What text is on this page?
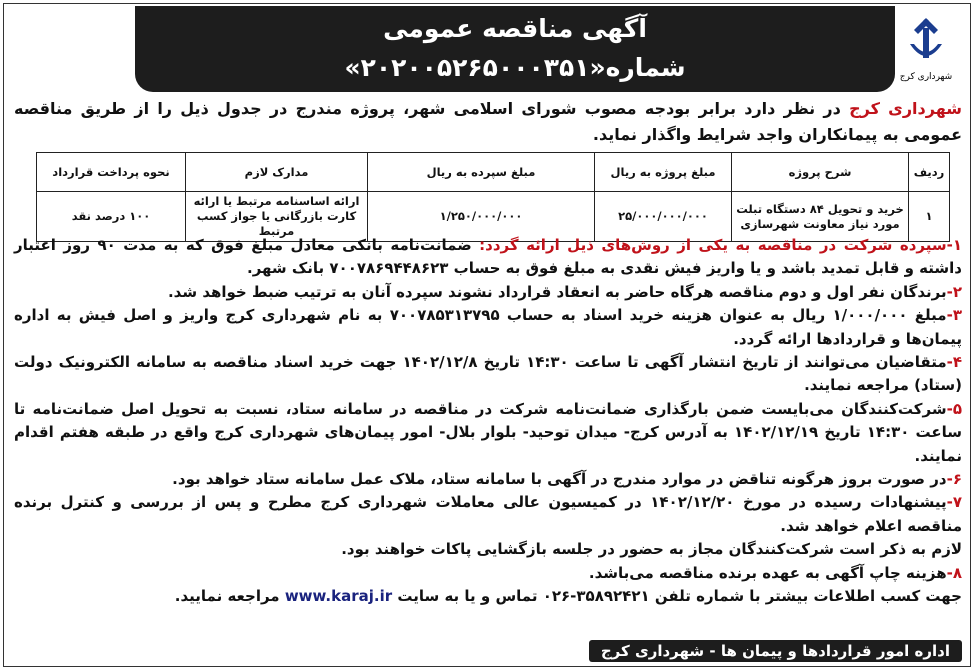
آگهی مناقصه عمومی
شماره«۲۰۲۰۰۵۲۶۵۰۰۰۳۵۱»	شهرداری کرج
شهرداری کرج در نظر دارد برابر بودجه مصوب شورای اسلامی شهر، پروژه مندرج در جدول ذیل را از طریق مناقصه عمومی به پیمانکاران واجد شرایط واگذار نماید.
ردیف	شرح پروژه	مبلغ پروژه به ریال	مبلغ سپرده به ریال	مدارک لازم	نحوه پرداخت قرارداد
۱	خرید و تحویل ۸۴ دستگاه تبلت مورد نیاز معاونت شهرسازی	۲۵/۰۰۰/۰۰۰/۰۰۰	۱/۲۵۰/۰۰۰/۰۰۰	ارائه اساسنامه مرتبط یا ارائه کارت بازرگانی یا جواز کسب مرتبط	۱۰۰ درصد نقد

۱-سپرده شرکت در مناقصه به یکی از روش‌های ذیل ارائه گردد: ضمانت‌نامه بانکی معادل مبلغ فوق که به مدت ۹۰ روز اعتبار داشته و قابل تمدید باشد و یا واریز فیش نقدی به مبلغ فوق به حساب ۷۰۰۷۸۶۹۴۴۸۶۲۳ بانک شهر.

۲-برندگان نفر اول و دوم مناقصه هرگاه حاضر به انعقاد قرارداد نشوند سپرده آنان به ترتیب ضبط خواهد شد.

۳-مبلغ ۱/۰۰۰/۰۰۰ ریال به عنوان هزینه خرید اسناد به حساب ۷۰۰۷۸۵۳۱۳۷۹۵ به نام شهرداری کرج واریز و اصل فیش به اداره پیمان‌ها و قراردادها ارائه گردد.

۴-متقاضیان می‌توانند از تاریخ انتشار آگهی تا ساعت ۱۴:۳۰ تاریخ ۱۴۰۲/۱۲/۸ جهت خرید اسناد مناقصه به سامانه الکترونیک دولت (ستاد) مراجعه نمایند.

۵-شرکت‌کنندگان می‌بایست ضمن بارگذاری ضمانت‌نامه شرکت در مناقصه در سامانه ستاد، نسبت به تحویل اصل ضمانت‌نامه تا ساعت ۱۴:۳۰ تاریخ ۱۴۰۲/۱۲/۱۹ به آدرس کرج- میدان توحید- بلوار بلال- امور پیمان‌های شهرداری کرج واقع در طبقه هفتم اقدام نمایند.

۶-در صورت بروز هرگونه تناقض در موارد مندرج در آگهی با سامانه ستاد، ملاک عمل سامانه ستاد خواهد بود.

۷-پیشنهادات رسیده در مورخ ۱۴۰۲/۱۲/۲۰ در کمیسیون عالی معاملات شهرداری کرج مطرح و پس از بررسی و کنترل برنده مناقصه اعلام خواهد شد.

لازم به ذکر است شرکت‌کنندگان مجاز به حضور در جلسه بازگشایی پاکات خواهند بود.

۸-هزینه چاپ آگهی به عهده برنده مناقصه می‌باشد.

جهت کسب اطلاعات بیشتر با شماره تلفن ۳۵۸۹۲۴۲۱-۰۲۶ تماس و یا به سایت www.karaj.ir مراجعه نمایید.

اداره امور قراردادها و پیمان ها - شهرداری کرج
